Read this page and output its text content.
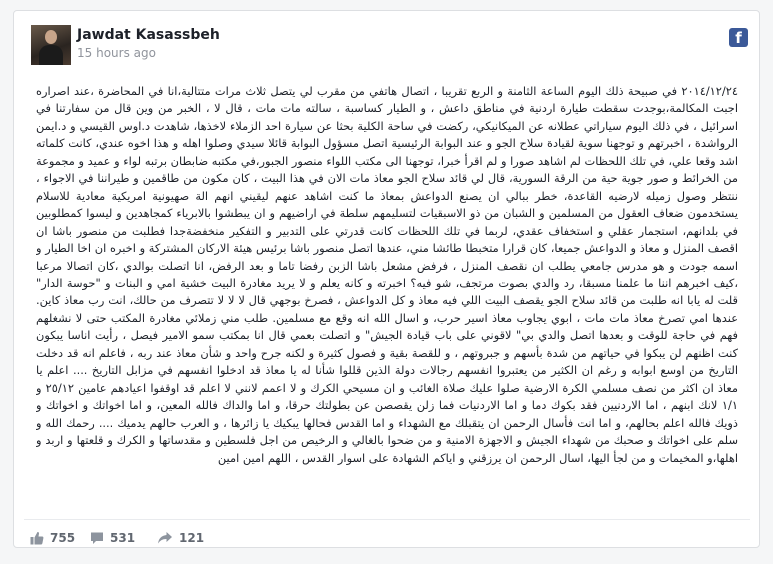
Jawdat Kasassbeh
15 hours ago
f
٢٠١٤/١٢/٢٤ في صبيحة ذلك اليوم الساعة الثامنة و الربع تقريبا ، اتصال هاتفي من مقرب لي يتصل ثلاث مرات متتالية،انا في المحاضرة ،عند اصراره اجبت المكالمة،بوجدت سقطت طيارة اردنية في مناطق داعش ، و الطيار كساسبة ، سالته مات مات ، قال لا ، الخبر من وين قال من سفارتنا في اسرائيل ، في ذلك اليوم سياراتي عطلانه عن الميكانيكي، ركضت في ساحة الكلية بحثا عن سيارة احد الزملاء لاخذها، شاهدت د.اوس القيسي و د.ايمن الرواشدة ، اخبرتهم و توجهنا سوية لقيادة سلاح الجو و عند البوابة الرئيسية اتصل مسؤول البوابة قائلا سيدي وصلوا اهله و هذا اخوه عندي، كانت كلماته اشد وقعا علي، في تلك اللحظات لم اشاهد صورا و لم اقرأ خبرا، توجهنا الى مكتب اللواء منصور الجبور،في مكتبه ضابطان برتبه لواء و عميد و مجموعة من الخرائط و صور جوية حية من الرقة السورية، قال لي قائد سلاح الجو معاذ مات الان في هذا البيت ، كان مكون من طاقمين و طيراننا في الاجواء ، ننتظر وصول زميله لارضيه القاعدة، خطر ببالي ان يصنع الدواعش بمعاذ ما كنت اشاهد عنهم ليقيني انهم الة صهيونية امريكية معادية للاسلام يستخدمون ضعاف العقول من المسلمين و الشبان من ذو الاسبقيات لتسليمهم سلطة في اراضيهم و ان يبطشوا بالابرياء كمجاهدين و ليسوا كمطلوبين في بلدانهم، استجمار عقلي و استخفاف عقدي، لربما في تلك اللحظات كانت قدرتي على التدبير و التفكير منخفضةجدا فطلبت من منصور باشا ان اقصف المنزل و معاذ و الدواعش جميعا، كان قرارا متخبطا طائشا مني، عندها اتصل منصور باشا برئيس هيئة الاركان المشتركة و اخبره ان اخا الطيار و اسمه جودت و هو مدرس جامعي يطلب ان نقصف المنزل ، فرفض مشعل باشا الزبن رفضا تاما و بعد الرفض، انا اتصلت بوالدي ،كان اتصالا مرعبا ،كيف اخبرهم اننا ما علمنا مسبقا، رد والدي بصوت مرتجف، شو فيه؟ اخبرته و كانه يعلم و لا يريد مغادرة البيت خشية امي و البنات و "حوسة الدار" قلت له يابا انه طلبت من قائد سلاح الجو يقصف البيت اللي فيه معاذ و كل الدواعش ، فصرخ بوجهي قال لا لا لا تتصرف من حالك، انت رب معاذ كاين. عندها امي تصرخ معاذ مات مات ، ابوي يجاوب معاذ اسير حرب، و اسال الله انه وقع مع مسلمين. طلب مني زملائي مغادرة المكتب حتى لا نشغلهم فهم في حاجة للوقت و بعدها اتصل والدي بي" لاقوني على باب قيادة الجيش" و اتصلت بعمي قال انا بمكتب سمو الامير فيصل ، رأيت اناسا يبكون كنت اظنهم لن يبكوا في حياتهم من شدة بأسهم و جبروتهم ، و للقصة بقية و فصول كثيرة و لكنه جرح واحد و شأن معاذ عند ربه ، فاعلم انه قد دخلت التاريخ من اوسع ابوابه و رغم ان الكثير من يعتبروا انفسهم رجالات دولة الذين قللوا شأنا له يا معاذ قد ادخلوا انفسهم في مزابل التاريخ .... اعلم يا معاذ ان اكثر من نصف مسلمي الكرة الارضية صلوا عليك صلاة الغائب و ان مسيحي الكرك و لا اعمم لانني لا اعلم قد اوقفوا اعيادهم عامين ٢٥/١٢ و ١/١ لانك ابنهم ، اما الاردنيين فقد بكوك دما و اما الاردنيات فما زلن يقصصن عن بطولتك حرقا، و اما والداك فالله المعين، و اما اخواتك و اخواتك و ذويك فالله اعلم بحالهم، و اما انت فأسال الرحمن ان يتقبلك مع الشهداء و اما القدس فحالها يبكيك يا زائرها ، و العرب حالهم يدميك .... رحمك الله و سلم على اخواتك و صحبك من شهداء الجيش و الاجهزة الامنية و من ضحوا بالغالي و الرخيص من اجل فلسطين و مقدساتها و الكرك و قلعتها و اربد و اهلها،و المخيمات و من لجأ اليها، اسال الرحمن ان يرزقني و اياكم الشهادة على اسوار القدس ، اللهم امين امين
755	531	121
